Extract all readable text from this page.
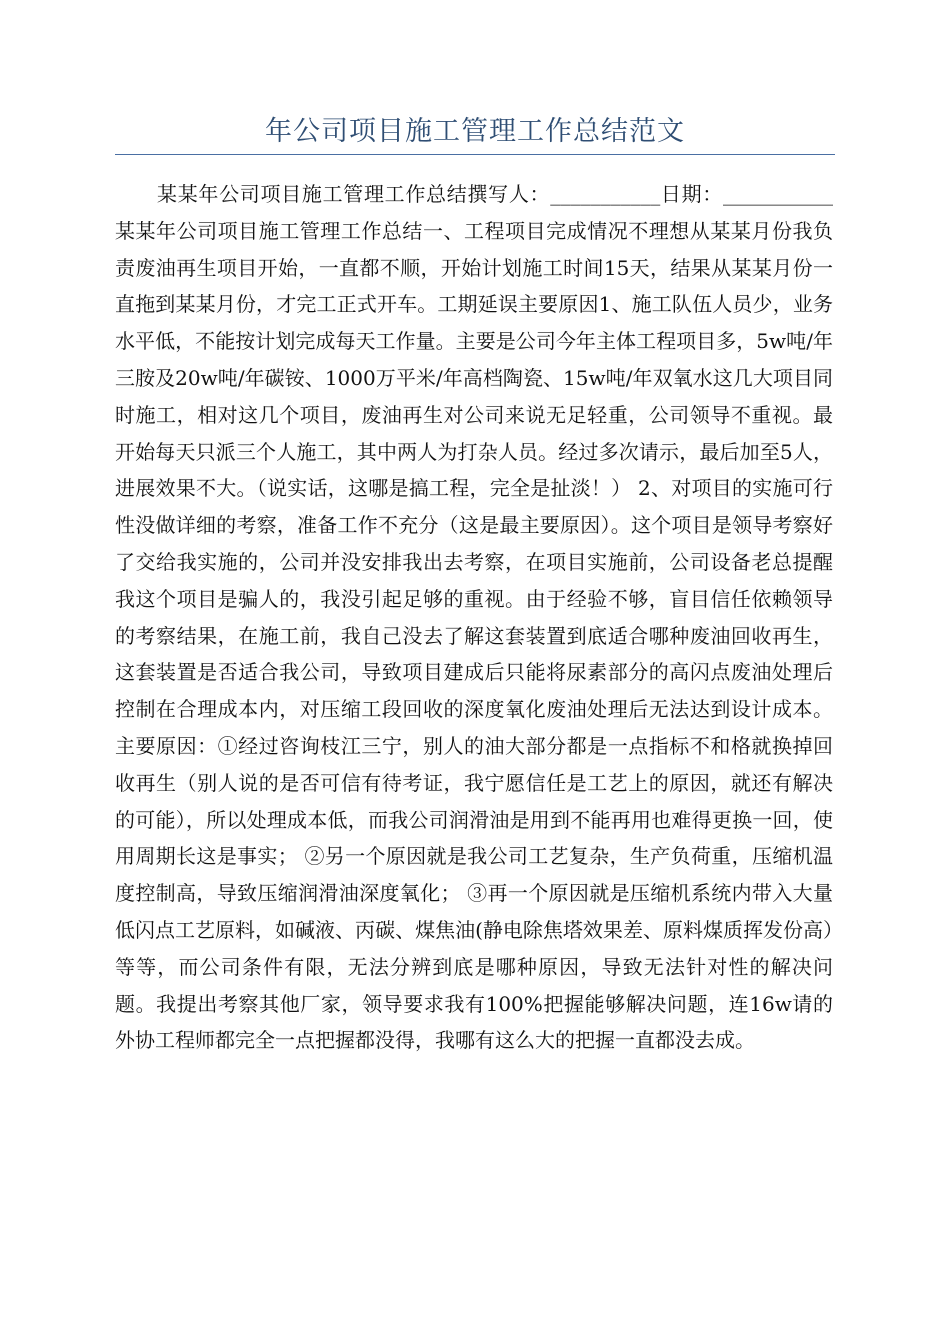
年公司项目施工管理工作总结范文

某某年公司项目施工管理工作总结撰写人：___________日期：___________某某年公司项目施工管理工作总结一、工程项目完成情况不理想从某某月份我负责废油再生项目开始，一直都不顺，开始计划施工时间15天，结果从某某月份一直拖到某某月份，才完工正式开车。工期延误主要原因1、施工队伍人员少，业务水平低，不能按计划完成每天工作量。主要是公司今年主体工程项目多，5w吨/年三胺及20w吨/年碳铵、1000万平米/年高档陶瓷、15w吨/年双氧水这几大项目同时施工，相对这几个项目，废油再生对公司来说无足轻重，公司领导不重视。最开始每天只派三个人施工，其中两人为打杂人员。经过多次请示，最后加至5人，进展效果不大。（说实话，这哪是搞工程，完全是扯淡！） 2、对项目的实施可行性没做详细的考察，准备工作不充分（这是最主要原因）。这个项目是领导考察好了交给我实施的，公司并没安排我出去考察，在项目实施前，公司设备老总提醒我这个项目是骗人的，我没引起足够的重视。由于经验不够，盲目信任依赖领导的考察结果，在施工前，我自己没去了解这套装置到底适合哪种废油回收再生，这套装置是否适合我公司，导致项目建成后只能将尿素部分的高闪点废油处理后控制在合理成本内，对压缩工段回收的深度氧化废油处理后无法达到设计成本。主要原因：①经过咨询枝江三宁，别人的油大部分都是一点指标不和格就换掉回收再生（别人说的是否可信有待考证，我宁愿信任是工艺上的原因，就还有解决的可能），所以处理成本低，而我公司润滑油是用到不能再用也难得更换一回，使用周期长这是事实； ②另一个原因就是我公司工艺复杂，生产负荷重，压缩机温度控制高，导致压缩润滑油深度氧化； ③再一个原因就是压缩机系统内带入大量低闪点工艺原料，如碱液、丙碳、煤焦油(静电除焦塔效果差、原料煤质挥发份高）等等，而公司条件有限，无法分辨到底是哪种原因，导致无法针对性的解决问题。我提出考察其他厂家，领导要求我有100%把握能够解决问题，连16w请的外协工程师都完全一点把握都没得，我哪有这么大的把握一直都没去成。
